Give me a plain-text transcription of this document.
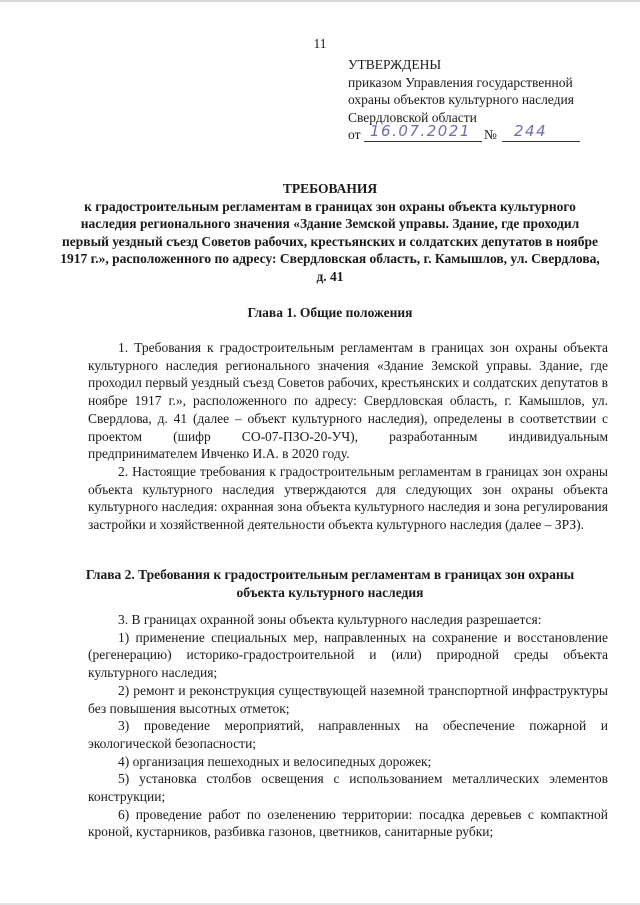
11
УТВЕРЖДЕНЫ
приказом Управления государственной
охраны объектов культурного наследия
Свердловской области
от 16.07.2021 № 244
ТРЕБОВАНИЯ
к градостроительным регламентам в границах зон охраны объекта культурного наследия регионального значения «Здание Земской управы. Здание, где проходил первый уездный съезд Советов рабочих, крестьянских и солдатских депутатов в ноябре 1917 г.», расположенного по адресу: Свердловская область, г. Камышлов, ул. Свердлова, д. 41
Глава 1. Общие положения

1. Требования к градостроительным регламентам в границах зон охраны объекта культурного наследия регионального значения «Здание Земской управы. Здание, где проходил первый уездный съезд Советов рабочих, крестьянских и солдатских депутатов в ноябре 1917 г.», расположенного по адресу: Свердловская область, г. Камышлов, ул. Свердлова, д. 41 (далее – объект культурного наследия), определены в соответствии с проектом (шифр СО-07-ПЗО-20-УЧ), разработанным индивидуальным предпринимателем Ивченко И.А. в 2020 году.

2. Настоящие требования к градостроительным регламентам в границах зон охраны объекта культурного наследия утверждаются для следующих зон охраны объекта культурного наследия: охранная зона объекта культурного наследия и зона регулирования застройки и хозяйственной деятельности объекта культурного наследия (далее – ЗРЗ).

Глава 2. Требования к градостроительным регламентам в границах зон охраны объекта культурного наследия

3. В границах охранной зоны объекта культурного наследия разрешается:

1) применение специальных мер, направленных на сохранение и восстановление (регенерацию) историко-градостроительной и (или) природной среды объекта культурного наследия;

2) ремонт и реконструкция существующей наземной транспортной инфраструктуры без повышения высотных отметок;

3) проведение мероприятий, направленных на обеспечение пожарной и экологической безопасности;

4) организация пешеходных и велосипедных дорожек;

5) установка столбов освещения с использованием металлических элементов конструкции;

6) проведение работ по озеленению территории: посадка деревьев с компактной кроной, кустарников, разбивка газонов, цветников, санитарные рубки;
